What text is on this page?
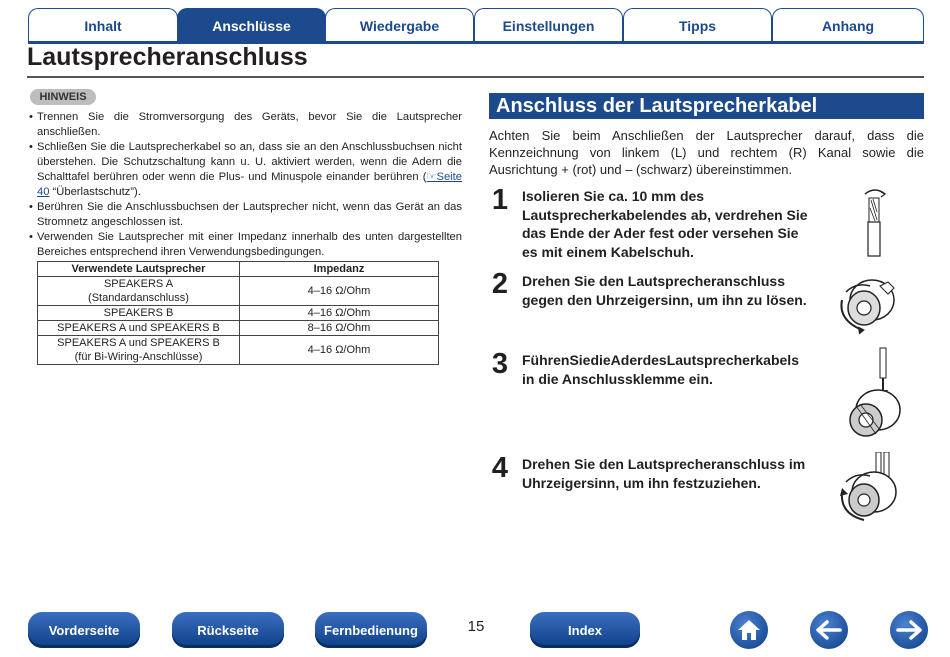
Inhalt	Anschlüsse	Wiedergabe	Einstellungen	Tipps	Anhang
Lautsprecheranschluss
HINWEIS
• Trennen Sie die Stromversorgung des Geräts, bevor Sie die Lautsprecher anschließen.
• Schließen Sie die Lautsprecherkabel so an, dass sie an den Anschlussbuchsen nicht überstehen. Die Schutzschaltung kann u. U. aktiviert werden, wenn die Adern die Schalttafel berühren oder wenn die Plus- und Minuspole einander berühren (☞Seite 40 “Überlastschutz”).
• Berühren Sie die Anschlussbuchsen der Lautsprecher nicht, wenn das Gerät an das Stromnetz angeschlossen ist.
• Verwenden Sie Lautsprecher mit einer Impedanz innerhalb des unten dargestellten Bereiches entsprechend ihren Verwendungsbedingungen.
Verwendete Lautsprecher	Impedanz
SPEAKERS A
(Standardanschluss)	4–16 Ω/Ohm
SPEAKERS B	4–16 Ω/Ohm
SPEAKERS A und SPEAKERS B	8–16 Ω/Ohm
SPEAKERS A und SPEAKERS B
(für Bi-Wiring-Anschlüsse)	4–16 Ω/Ohm
Anschluss der Lautsprecherkabel
Achten Sie beim Anschließen der Lautsprecher darauf, dass die Kennzeichnung von linkem (L) und rechtem (R) Kanal sowie die Ausrichtung + (rot) und – (schwarz) übereinstimmen.
1 Isolieren Sie ca. 10 mm des Lautsprecherkabelendes ab, verdrehen Sie das Ende der Ader fest oder versehen Sie es mit einem Kabelschuh.
2 Drehen Sie den Lautsprecheranschluss gegen den Uhrzeigersinn, um ihn zu lösen.
3 FührenSiedieAderdesLautsprecherkabels in die Anschlussklemme ein.
4 Drehen Sie den Lautsprecheranschluss im Uhrzeigersinn, um ihn festzuziehen.
Vorderseite	Rückseite	Fernbedienung	15	Index
